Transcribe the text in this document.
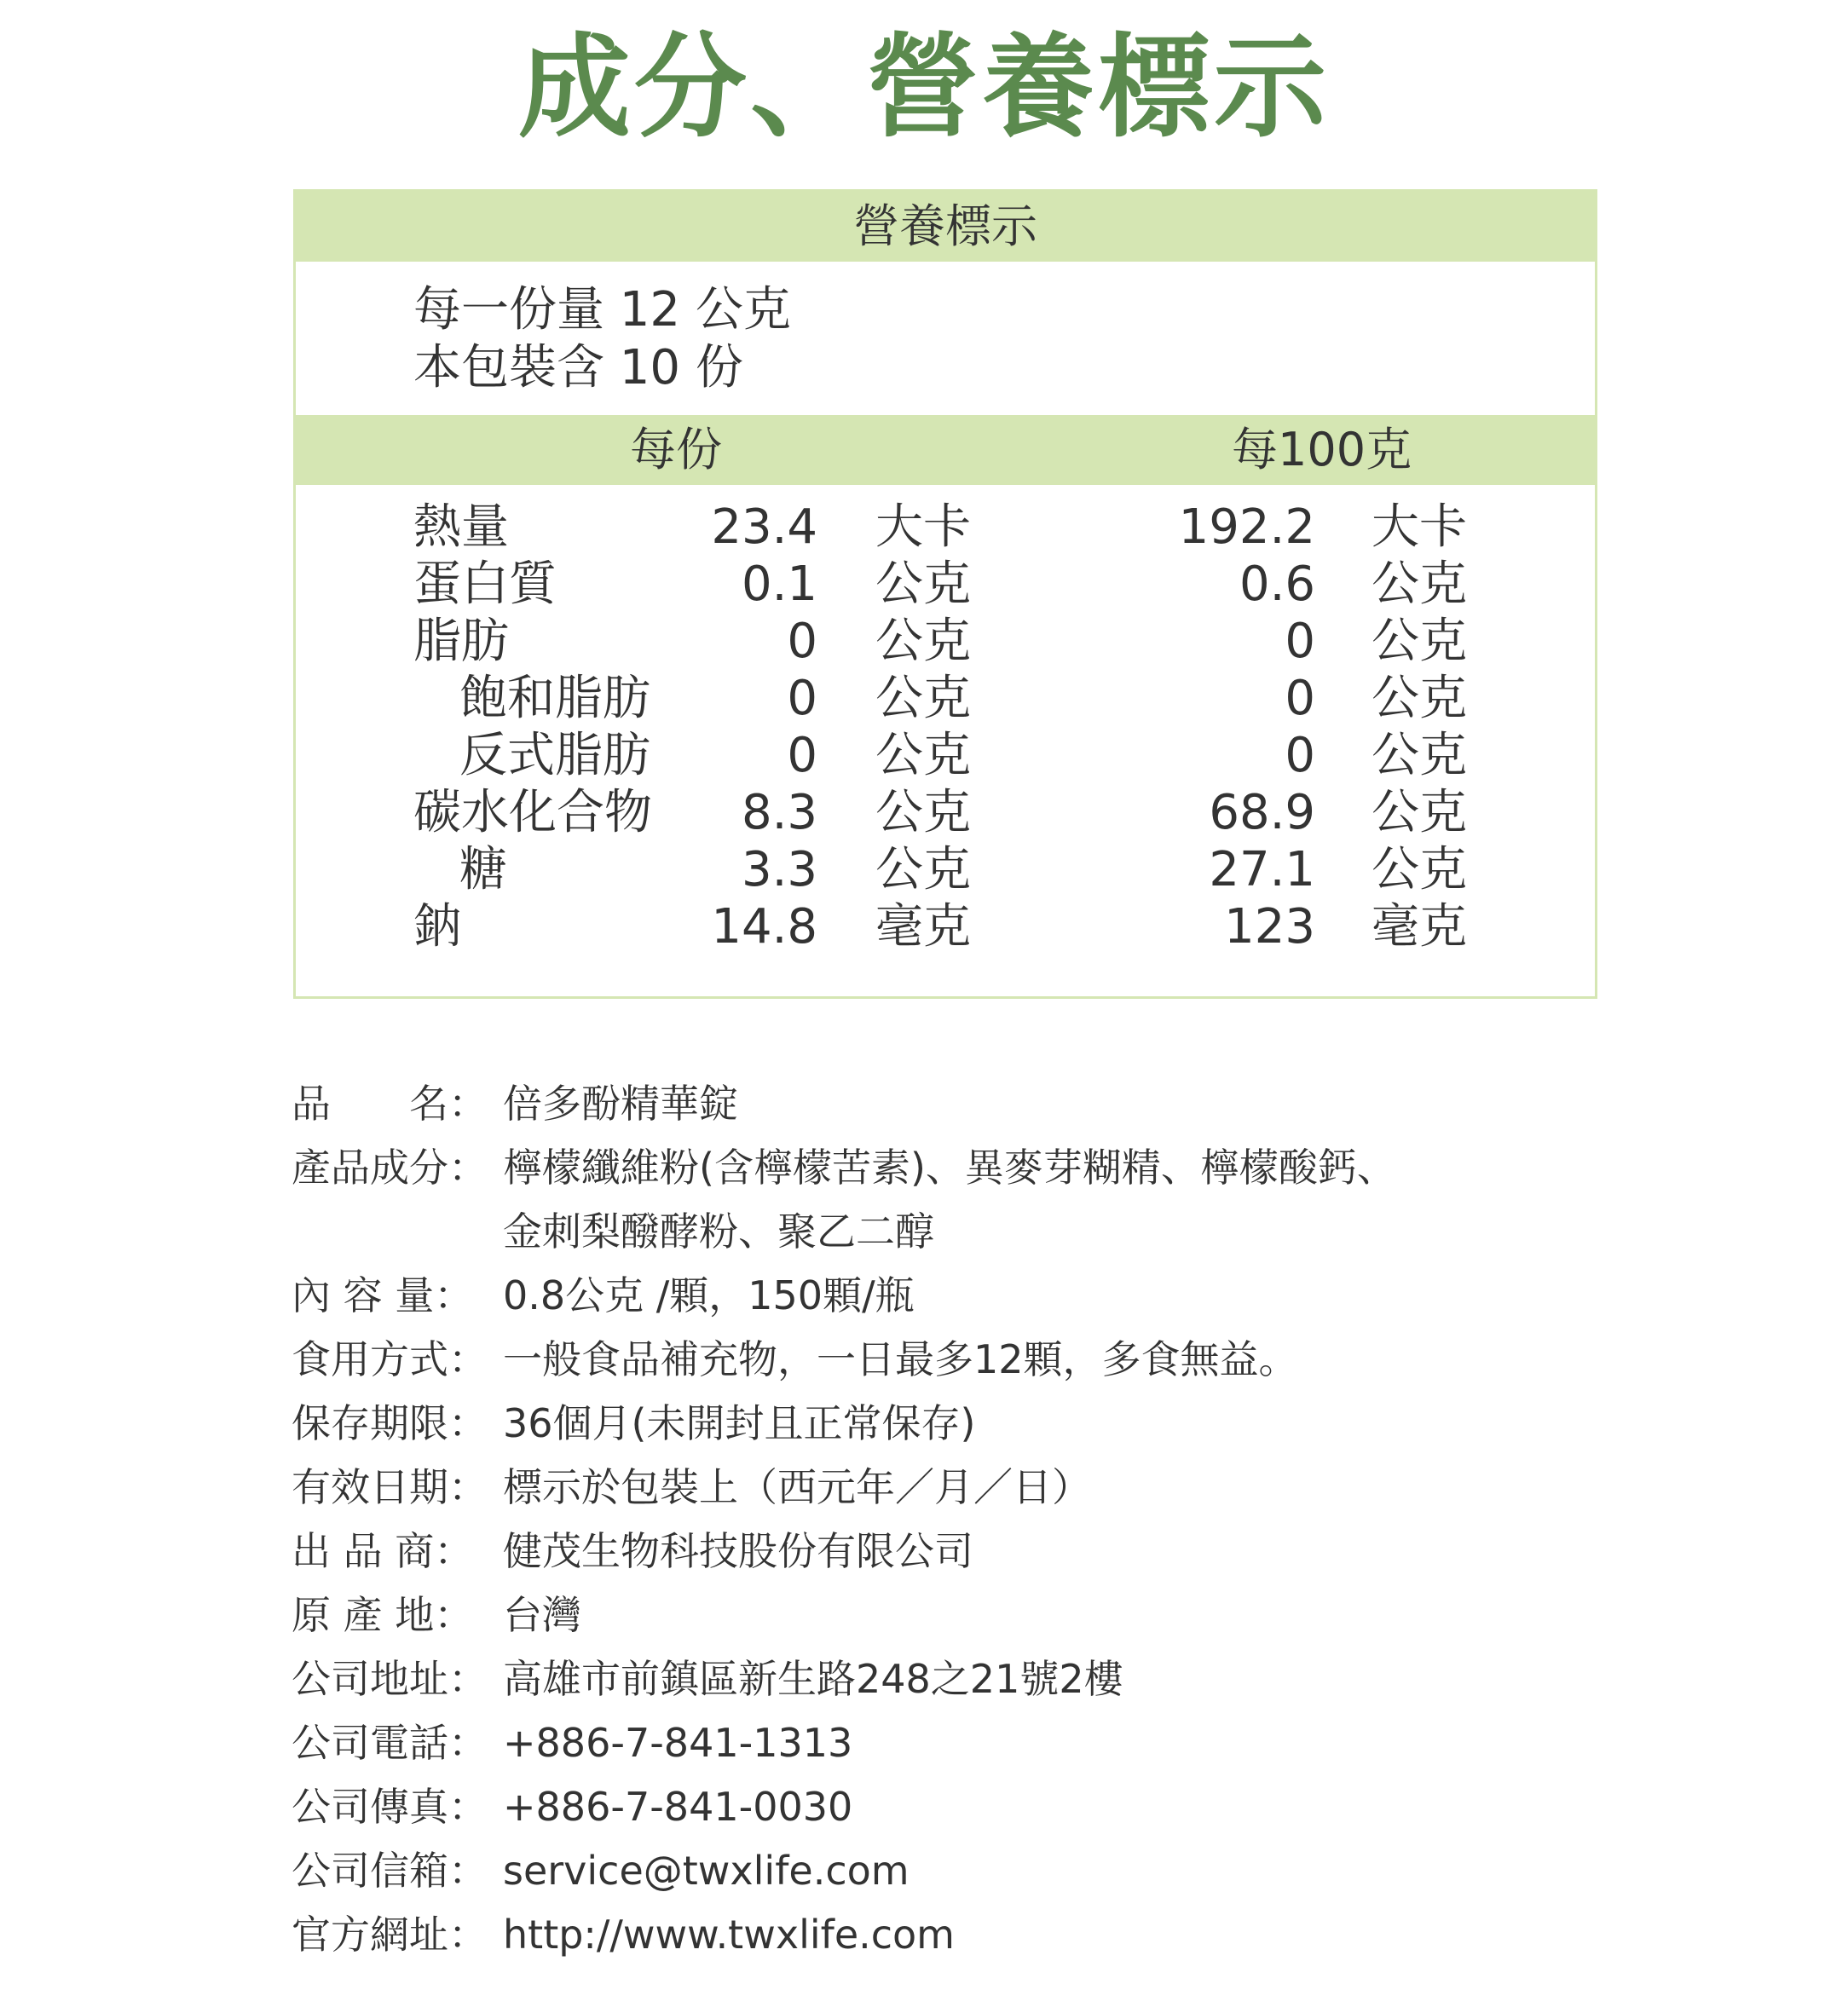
成分、營養標示
營養標示
每一份量 12 公克
本包裝含 10 份
每份	每100克
熱量	23.4 大卡	192.2 大卡
蛋白質	0.1 公克	0.6 公克
脂肪	0 公克	0 公克
飽和脂肪	0 公克	0 公克
反式脂肪	0 公克	0 公克
碳水化合物 8.3 公克	68.9 公克
糖	3.3 公克	27.1 公克
鈉	14.8 毫克	123 毫克
品　　名： 倍多酚精華錠
產品成分： 檸檬纖維粉(含檸檬苦素)、異麥芽糊精、檸檬酸鈣、
金刺梨醱酵粉、聚乙二醇
內 容 量： 0.8公克 /顆，150顆/瓶
食用方式： 一般食品補充物，一日最多12顆，多食無益。
保存期限： 36個月(未開封且正常保存)
有效日期： 標示於包裝上（西元年／月／日）
出 品 商： 健茂生物科技股份有限公司
原 產 地： 台灣
公司地址： 高雄市前鎮區新生路248之21號2樓
公司電話： +886-7-841-1313
公司傳真： +886-7-841-0030
公司信箱： service@twxlife.com
官方網址： http://www.twxlife.com
